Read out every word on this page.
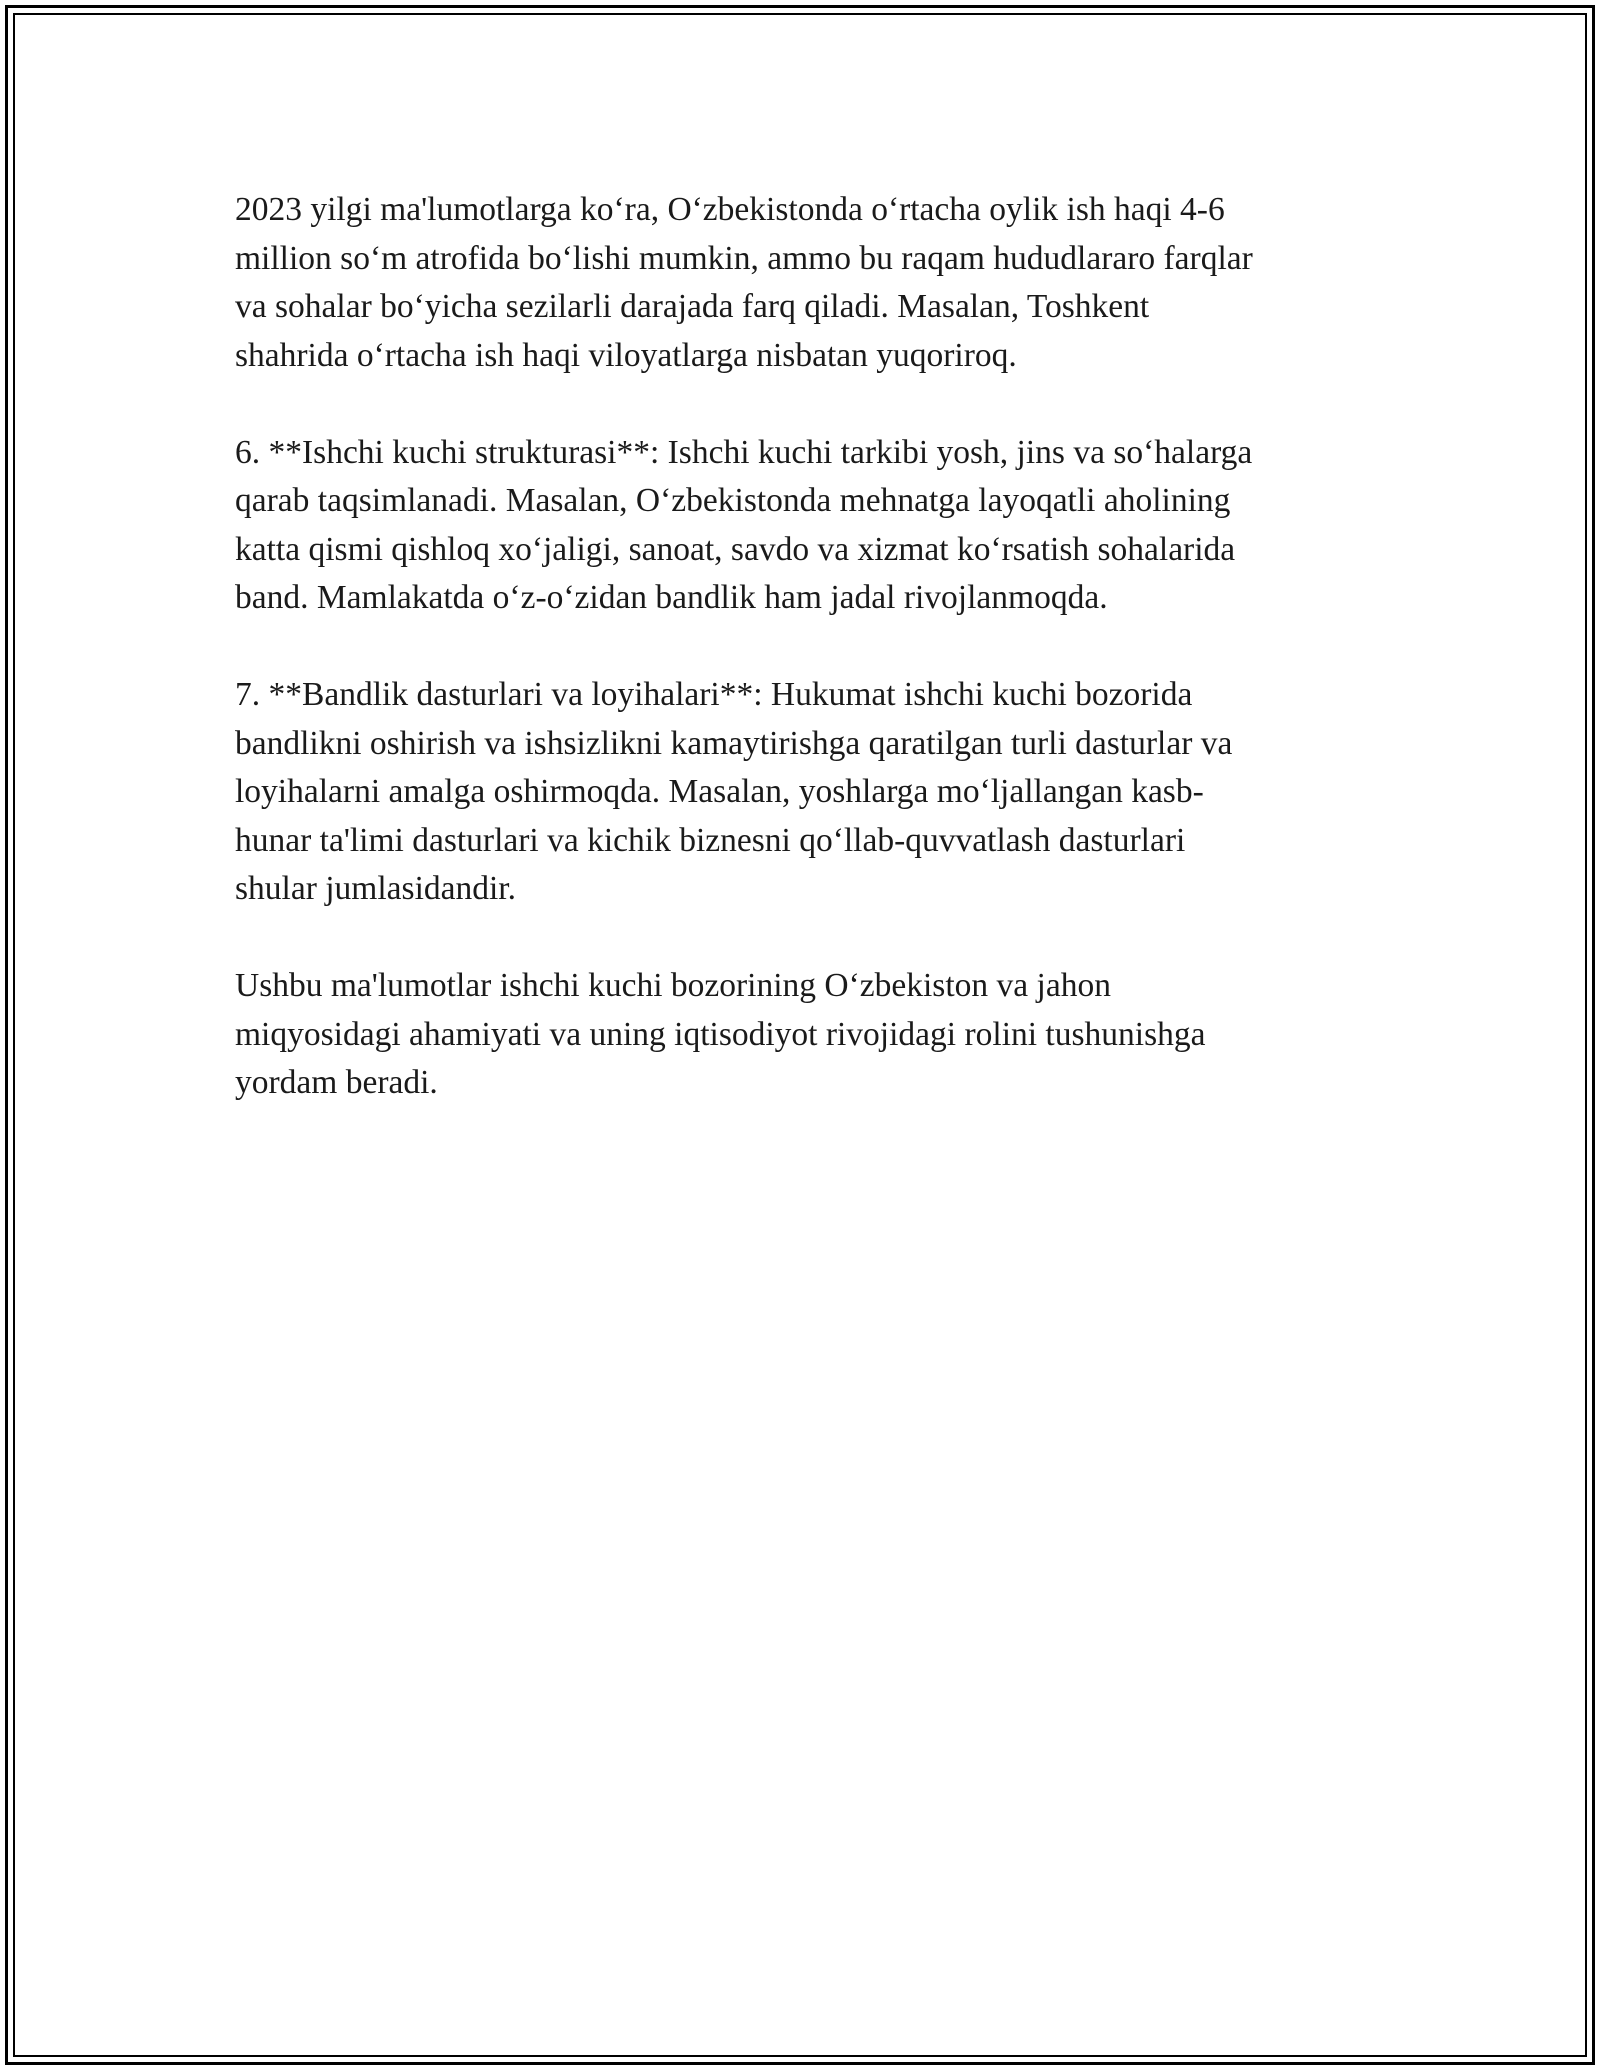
2023 yilgi ma'lumotlarga ko‘ra, O‘zbekistonda o‘rtacha oylik ish haqi 4-6
million so‘m atrofida bo‘lishi mumkin, ammo bu raqam hududlararo farqlar
va sohalar bo‘yicha sezilarli darajada farq qiladi. Masalan, Toshkent
shahrida o‘rtacha ish haqi viloyatlarga nisbatan yuqoriroq.

6. **Ishchi kuchi strukturasi**: Ishchi kuchi tarkibi yosh, jins va so‘halarga
qarab taqsimlanadi. Masalan, O‘zbekistonda mehnatga layoqatli aholining
katta qismi qishloq xo‘jaligi, sanoat, savdo va xizmat ko‘rsatish sohalarida
band. Mamlakatda o‘z-o‘zidan bandlik ham jadal rivojlanmoqda.

7. **Bandlik dasturlari va loyihalari**: Hukumat ishchi kuchi bozorida
bandlikni oshirish va ishsizlikni kamaytirishga qaratilgan turli dasturlar va
loyihalarni amalga oshirmoqda. Masalan, yoshlarga mo‘ljallangan kasb-
hunar ta'limi dasturlari va kichik biznesni qo‘llab-quvvatlash dasturlari
shular jumlasidandir.

Ushbu ma'lumotlar ishchi kuchi bozorining O‘zbekiston va jahon
miqyosidagi ahamiyati va uning iqtisodiyot rivojidagi rolini tushunishga
yordam beradi.
